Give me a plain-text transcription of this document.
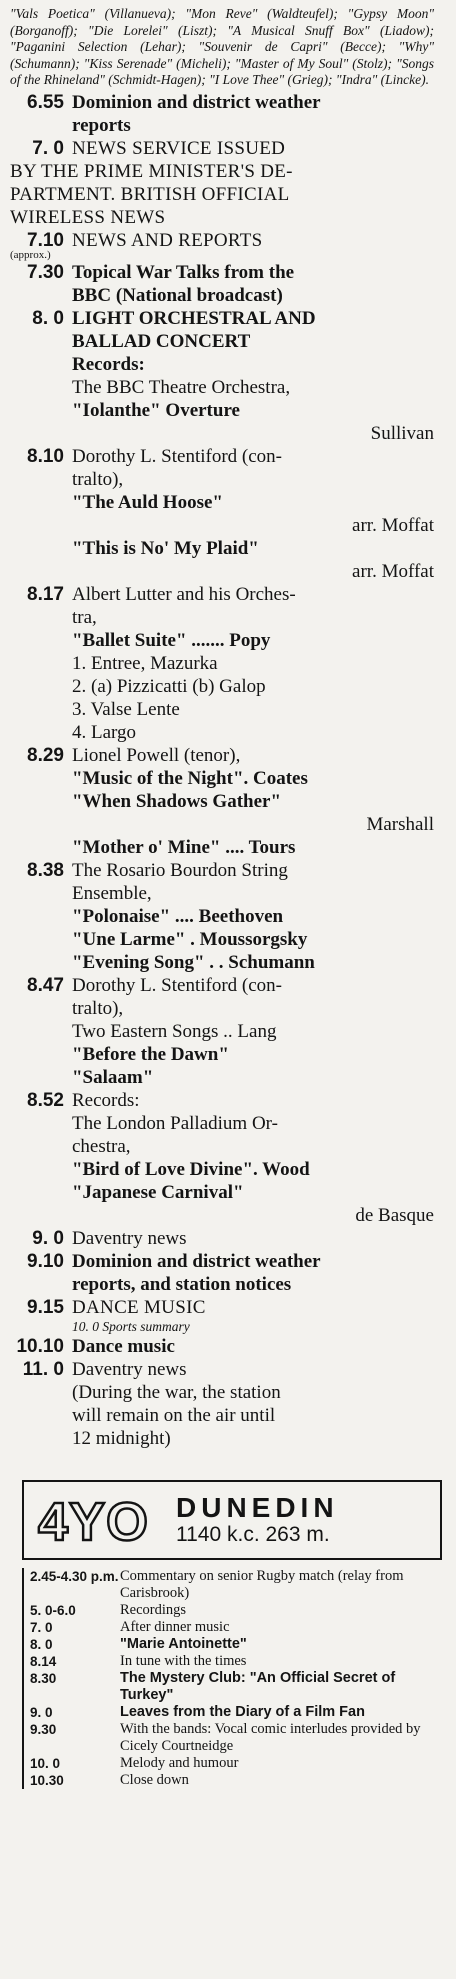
"Vals Poetica" (Villanueva); "Mon Reve" (Waldteufel); "Gypsy Moon" (Borganoff); "Die Lorelei" (Liszt); "A Musical Snuff Box" (Liadow); "Paganini Selection (Lehar); "Souvenir de Capri" (Becce); "Why" (Schumann); "Kiss Serenade" (Micheli); "Master of My Soul" (Stolz); "Songs of the Rhineland" (Schmidt-Hagen); "I Love Thee" (Grieg); "Indra" (Lincke).

6.55 Dominion and district weather
reports
7. 0 NEWS SERVICE ISSUED
BY THE PRIME MINISTER'S DE-
PARTMENT. BRITISH OFFICIAL
WIRELESS NEWS
7.10 NEWS AND REPORTS
(approx.)
7.30 Topical War Talks from the
BBC (National broadcast)
8. 0 LIGHT ORCHESTRAL AND
BALLAD CONCERT
Records:
The BBC Theatre Orchestra,
"Iolanthe" Overture
Sullivan
8.10 Dorothy L. Stentiford (con-
tralto),
"The Auld Hoose"
arr. Moffat
"This is No' My Plaid"
arr. Moffat
8.17 Albert Lutter and his Orches-
tra,
"Ballet Suite" ....... Popy
1. Entree, Mazurka
2. (a) Pizzicatti (b) Galop
3. Valse Lente
4. Largo
8.29 Lionel Powell (tenor),
"Music of the Night". Coates
"When Shadows Gather"
Marshall
"Mother o' Mine" .... Tours
8.38 The Rosario Bourdon String
Ensemble,
"Polonaise" .... Beethoven
"Une Larme" . Moussorgsky
"Evening Song" . . Schumann
8.47 Dorothy L. Stentiford (con-
tralto),
Two Eastern Songs .. Lang
"Before the Dawn"
"Salaam"
8.52 Records:
The London Palladium Or-
chestra,
"Bird of Love Divine". Wood
"Japanese Carnival"
de Basque
9. 0 Daventry news
9.10 Dominion and district weather
reports, and station notices
9.15 DANCE MUSIC
10. 0 Sports summary
10.10 Dance music
11. 0 Daventry news
(During the war, the station
will remain on the air until
12 midnight)
4YO DUNEDIN
1140 k.c. 263 m.
2.45-4.30 p.m. Commentary on senior Rugby match (relay from Carisbrook)
5. 0-6.0	Recordings
7. 0	After dinner music
8. 0	"Marie Antoinette"
8.14	In tune with the times
8.30	The Mystery Club: "An Official Secret of Turkey"
9. 0	Leaves from the Diary of a Film Fan
9.30	With the bands: Vocal comic interludes provided by Cicely Courtneidge
10. 0	Melody and humour
10.30	Close down
